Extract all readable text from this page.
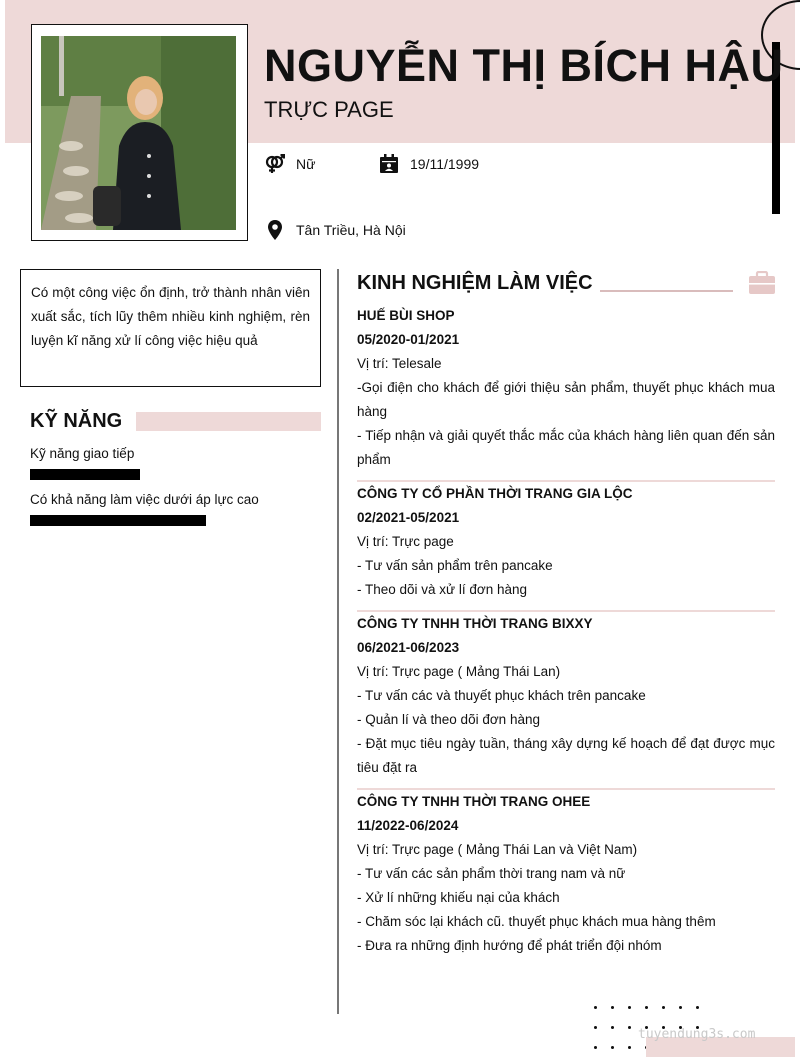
NGUYỄN THỊ BÍCH HẬU
TRỰC PAGE
Nữ	19/11/1999
Tân Triều, Hà Nội
Có một công việc ổn định, trở thành nhân viên xuất sắc, tích lũy thêm nhiều kinh nghiệm, rèn luyện kĩ năng xử lí công việc hiệu quả
KỸ NĂNG
Kỹ năng giao tiếp
Có khả năng làm việc dưới áp lực cao
KINH NGHIỆM LÀM VIỆC
HUẾ BÙI SHOP
05/2020-01/2021
Vị trí: Telesale
-Gọi điện cho khách để giới thiệu sản phẩm, thuyết phục khách mua hàng
- Tiếp nhận và giải quyết thắc mắc của khách hàng liên quan đến sản phẩm
CÔNG TY CỔ PHẦN THỜI TRANG GIA LỘC
02/2021-05/2021
Vị trí: Trực page
- Tư vấn sản phẩm trên pancake
- Theo dõi và xử lí đơn hàng
CÔNG TY TNHH THỜI TRANG BIXXY
06/2021-06/2023
Vị trí: Trực page ( Mảng Thái Lan)
- Tư vấn các và thuyết phục khách trên pancake
- Quản lí và theo dõi đơn hàng
- Đặt mục tiêu ngày tuần, tháng xây dựng kế hoạch để đạt được mục tiêu đặt ra
CÔNG TY TNHH THỜI TRANG OHEE
11/2022-06/2024
Vị trí: Trực page ( Mảng Thái Lan và Việt Nam)
- Tư vấn các sản phẩm thời trang nam và nữ
- Xử lí những khiếu nại của khách
- Chăm sóc lại khách cũ. thuyết phục khách mua hàng thêm
- Đưa ra những định hướng để phát triển đội nhóm
tuyendung3s.com
